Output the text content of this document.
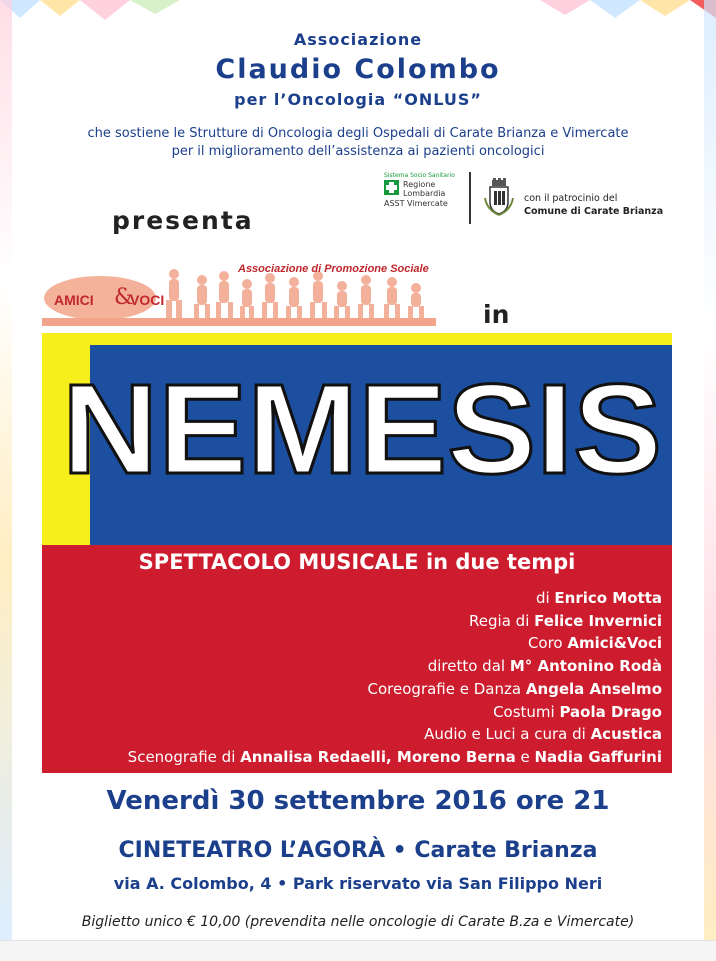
Associazione
Claudio Colombo
per l’Oncologia “ONLUS”
che sostiene le Strutture di Oncologia degli Ospedali di Carate Brianza e Vimercate
per il miglioramento dell’assistenza ai pazienti oncologici
Sistema Socio Sanitario
Regione
Lombardia
ASST Vimercate	con il patrocinio del
Comune di Carate Brianza
presenta
Associazione di Promozione Sociale
AMICI &
VOCI	in
NEMESIS
SPETTACOLO MUSICALE in due tempi
di Enrico Motta
Regia di Felice Invernici
Coro Amici&Voci
diretto dal M° Antonino Rodà
Coreografie e Danza Angela Anselmo
Costumi Paola Drago
Audio e Luci a cura di Acustica
Scenografie di Annalisa Redaelli, Moreno Berna e Nadia Gaffurini
Venerdì 30 settembre 2016 ore 21
CINETEATRO L’AGORÀ • Carate Brianza
via A. Colombo, 4 • Park riservato via San Filippo Neri
Biglietto unico € 10,00 (prevendita nelle oncologie di Carate B.za e Vimercate)
